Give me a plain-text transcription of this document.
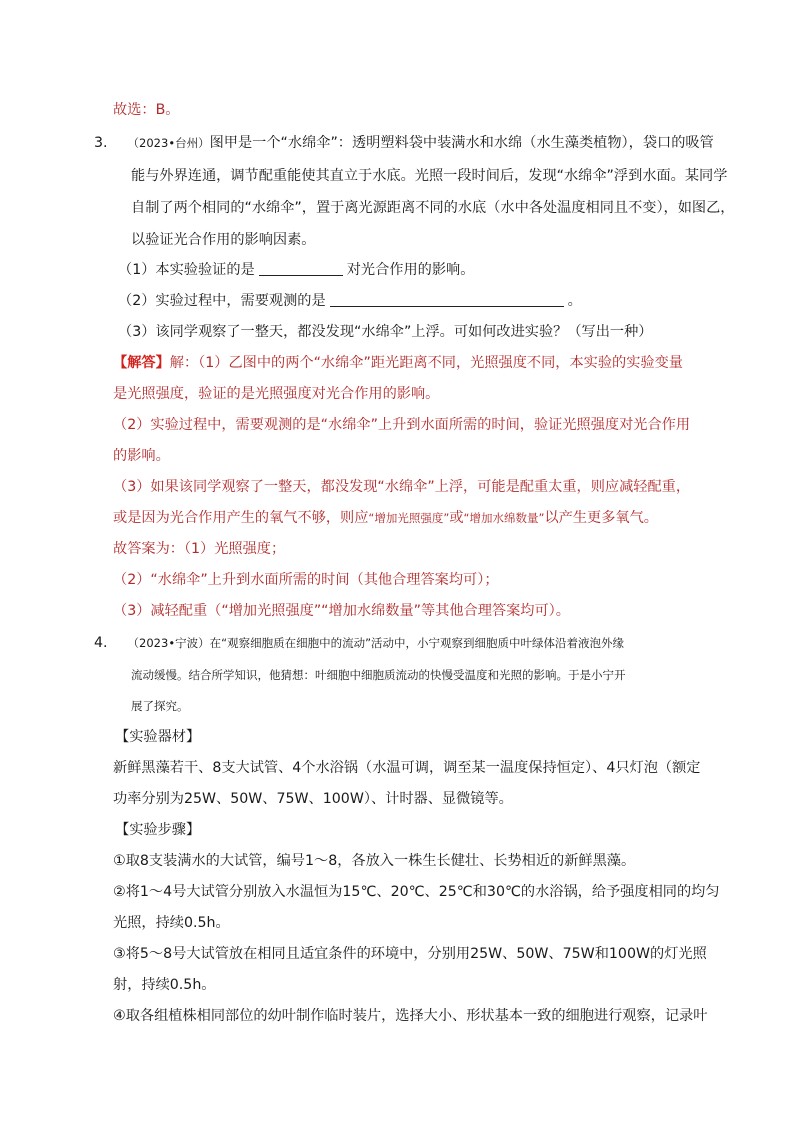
故选：B。
3. （2023•台州）图甲是一个“水绵伞”：透明塑料袋中装满水和水绵（水生藻类植物），袋口的吸管
能与外界连通，调节配重能使其直立于水底。光照一段时间后，发现“水绵伞”浮到水面。某同学
自制了两个相同的“水绵伞”，置于离光源距离不同的水底（水中各处温度相同且不变），如图乙，
以验证光合作用的影响因素。
（1）本实验验证的是	对光合作用的影响。
（2）实验过程中，需要观测的是	。
（3）该同学观察了一整天，都没发现“水绵伞”上浮。可如何改进实验？（写出一种）
【解答】解：（1）乙图中的两个“水绵伞”距光距离不同，光照强度不同，本实验的实验变量
是光照强度，验证的是光照强度对光合作用的影响。
（2）实验过程中，需要观测的是“水绵伞”上升到水面所需的时间，验证光照强度对光合作用
的影响。
（3）如果该同学观察了一整天，都没发现“水绵伞”上浮，可能是配重太重，则应减轻配重，
或是因为光合作用产生的氧气不够，则应“增加光照强度”或“增加水绵数量”以产生更多氧气。
故答案为：（1）光照强度；
（2）“水绵伞”上升到水面所需的时间（其他合理答案均可）；
（3）减轻配重（“增加光照强度”“增加水绵数量”等其他合理答案均可）。
4. （2023•宁波）在“观察细胞质在细胞中的流动”活动中，小宁观察到细胞质中叶绿体沿着液泡外缘
流动缓慢。结合所学知识，他猜想：叶细胞中细胞质流动的快慢受温度和光照的影响。于是小宁开
展了探究。
【实验器材】
新鲜黑藻若干、8支大试管、4个水浴锅（水温可调，调至某一温度保持恒定）、4只灯泡（额定
功率分别为25W、50W、75W、100W）、计时器、显微镜等。
【实验步骤】
①取8支装满水的大试管，编号1～8，各放入一株生长健壮、长势相近的新鲜黑藻。
②将1～4号大试管分别放入水温恒为15℃、20℃、25℃和30℃的水浴锅，给予强度相同的均匀
光照，持续0.5h。
③将5～8号大试管放在相同且适宜条件的环境中，分别用25W、50W、75W和100W的灯光照
射，持续0.5h。
④取各组植株相同部位的幼叶制作临时装片，选择大小、形状基本一致的细胞进行观察，记录叶
